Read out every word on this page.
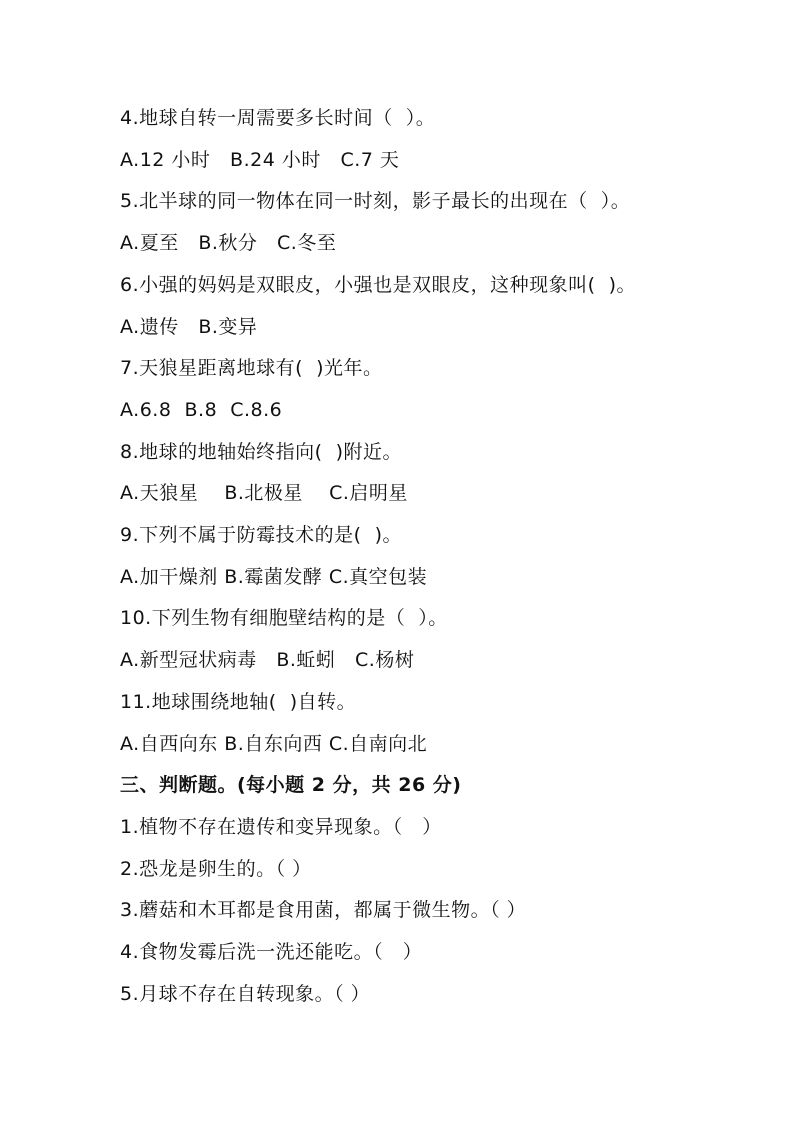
4.地球自转一周需要多长时间（  ）。
A.12 小时   B.24 小时   C.7 天
5.北半球的同一物体在同一时刻，影子最长的出现在（  ）。
A.夏至   B.秋分   C.冬至
6.小强的妈妈是双眼皮，小强也是双眼皮，这种现象叫(  )。
A.遗传   B.变异
7.天狼星距离地球有(  )光年。
A.6.8  B.8  C.8.6
8.地球的地轴始终指向(  )附近。
A.天狼星    B.北极星    C.启明星
9.下列不属于防霉技术的是(  )。
A.加干燥剂 B.霉菌发酵 C.真空包装
10.下列生物有细胞壁结构的是（  ）。
A.新型冠状病毒   B.蚯蚓   C.杨树
11.地球围绕地轴(  )自转。
A.自西向东 B.自东向西 C.自南向北
三、判断题。(每小题 2 分，共 26 分)
1.植物不存在遗传和变异现象。（   ）
2.恐龙是卵生的。（ ）
3.蘑菇和木耳都是食用菌，都属于微生物。（ ）
4.食物发霉后洗一洗还能吃。（   ）
5.月球不存在自转现象。（ ）
